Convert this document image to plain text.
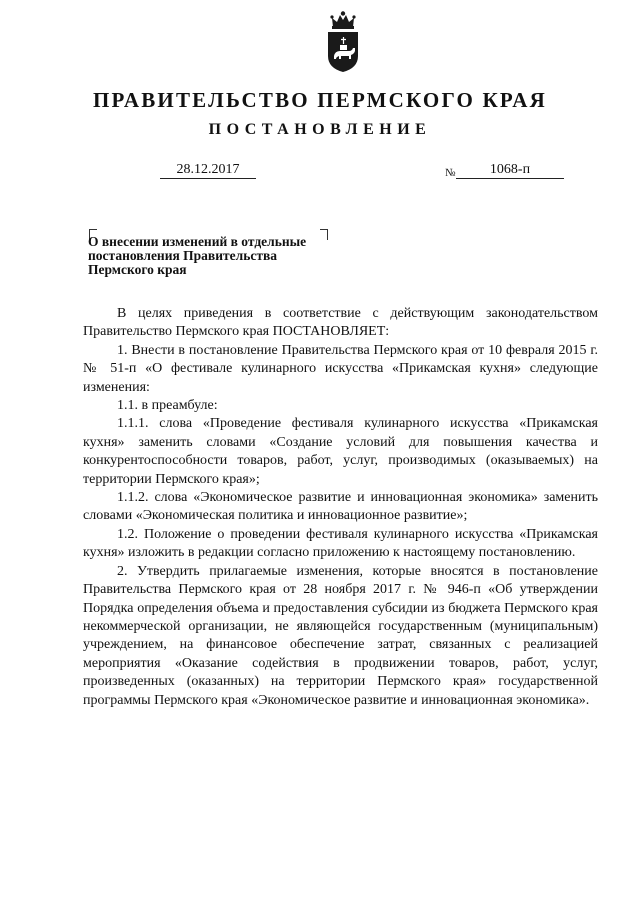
ПРАВИТЕЛЬСТВО ПЕРМСКОГО КРАЯ
ПОСТАНОВЛЕНИЕ
28.12.2017	№	1068-п
О внесении изменений в отдельные
постановления Правительства
Пермского края

В целях приведения в соответствие с действующим законодательством Правительство Пермского края ПОСТАНОВЛЯЕТ:

1. Внести в постановление Правительства Пермского края от 10 февраля 2015 г. № 51-п «О фестивале кулинарного искусства «Прикамская кухня» следующие изменения:

1.1. в преамбуле:

1.1.1. слова «Проведение фестиваля кулинарного искусства «Прикамская кухня» заменить словами «Создание условий для повышения качества и конкурентоспособности товаров, работ, услуг, производимых (оказываемых) на территории Пермского края»;

1.1.2. слова «Экономическое развитие и инновационная экономика» заменить словами «Экономическая политика и инновационное развитие»;

1.2. Положение о проведении фестиваля кулинарного искусства «Прикамская кухня» изложить в редакции согласно приложению к настоящему постановлению.

2. Утвердить прилагаемые изменения, которые вносятся в постановление Правительства Пермского края от 28 ноября 2017 г. № 946-п «Об утверждении Порядка определения объема и предоставления субсидии из бюджета Пермского края некоммерческой организации, не являющейся государственным (муниципальным) учреждением, на финансовое обеспечение затрат, связанных с реализацией мероприятия «Оказание содействия в продвижении товаров, работ, услуг, произведенных (оказанных) на территории Пермского края» государственной программы Пермского края «Экономическое развитие и инновационная экономика».
